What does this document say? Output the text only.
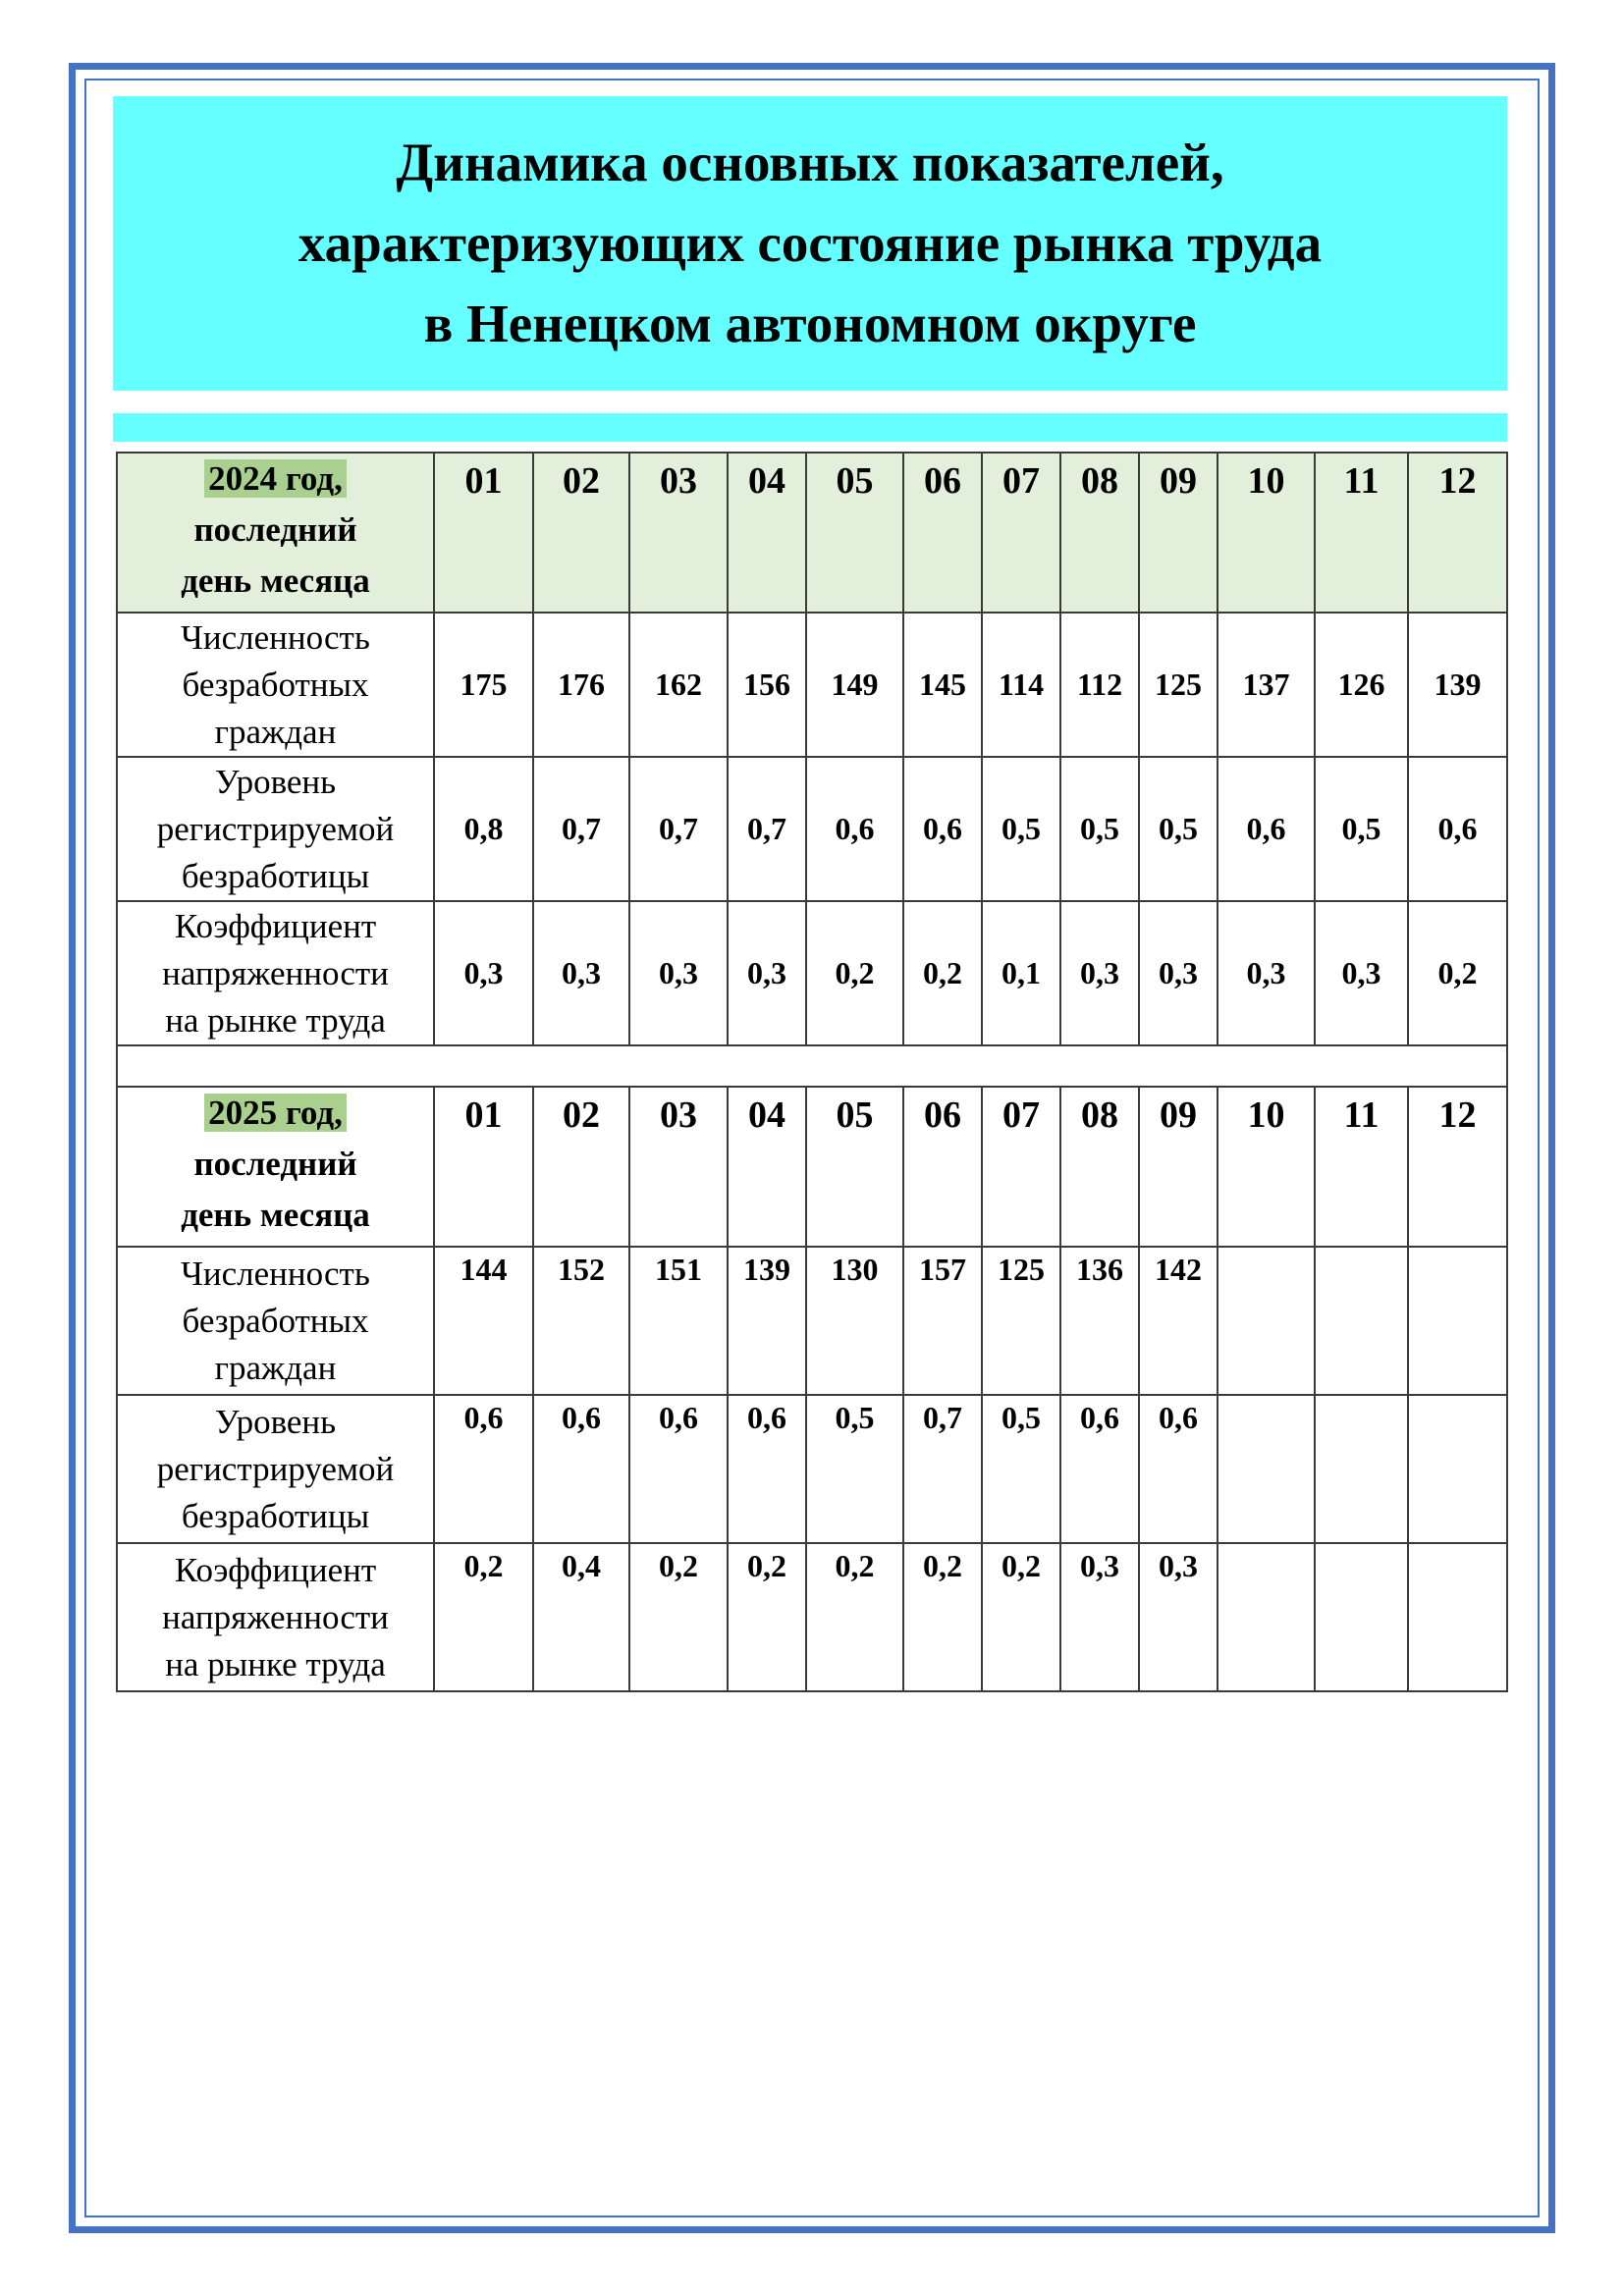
Динамика основных показателей,
характеризующих состояние рынка труда
в Ненецком автономном округе
2024 год,
последний
день месяца	01	02	03	04	05	06	07	08	09	10	11	12
Численность
безработных
граждан	175	176	162	156	149	145	114	112	125	137	126	139
Уровень
регистрируемой
безработицы	0,8	0,7	0,7	0,7	0,6	0,6	0,5	0,5	0,5	0,6	0,5	0,6
Коэффициент
напряженности
на рынке труда	0,3	0,3	0,3	0,3	0,2	0,2	0,1	0,3	0,3	0,3	0,3	0,2

2025 год,
последний
день месяца	01	02	03	04	05	06	07	08	09	10	11	12
Численность
безработных
граждан	144	152	151	139	130	157	125	136	142			
Уровень
регистрируемой
безработицы	0,6	0,6	0,6	0,6	0,5	0,7	0,5	0,6	0,6			
Коэффициент
напряженности
на рынке труда	0,2	0,4	0,2	0,2	0,2	0,2	0,2	0,3	0,3			
